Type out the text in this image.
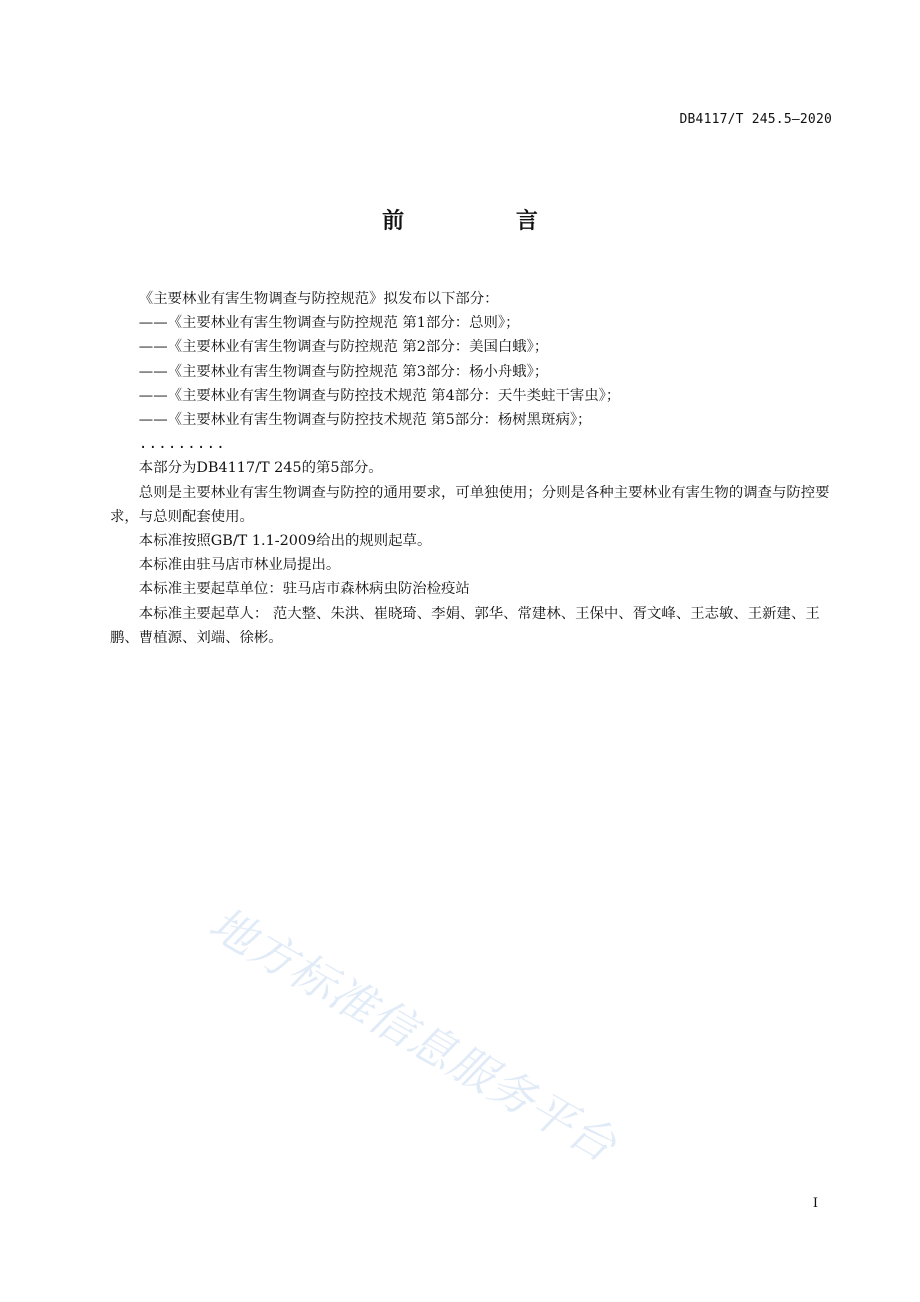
DB4117/T 245.5—2020
前 言

《主要林业有害生物调查与防控规范》拟发布以下部分：

——《主要林业有害生物调查与防控规范 第1部分：总则》；

——《主要林业有害生物调查与防控规范 第2部分：美国白蛾》；

——《主要林业有害生物调查与防控规范 第3部分：杨小舟蛾》；

——《主要林业有害生物调查与防控技术规范 第4部分：天牛类蛀干害虫》；

——《主要林业有害生物调查与防控技术规范 第5部分：杨树黑斑病》；

.........

本部分为DB4117/T 245的第5部分。

总则是主要林业有害生物调查与防控的通用要求，可单独使用；分则是各种主要林业有害生物的调查与防控要求，与总则配套使用。

本标准按照GB/T 1.1-2009给出的规则起草。

本标准由驻马店市林业局提出。

本标准主要起草单位：驻马店市森林病虫防治检疫站

本标准主要起草人： 范大整、朱洪、崔晓琦、李娟、郭华、常建林、王保中、胥文峰、王志敏、王新建、王鹏、曹植源、刘端、徐彬。

地方标准信息服务平台
I
